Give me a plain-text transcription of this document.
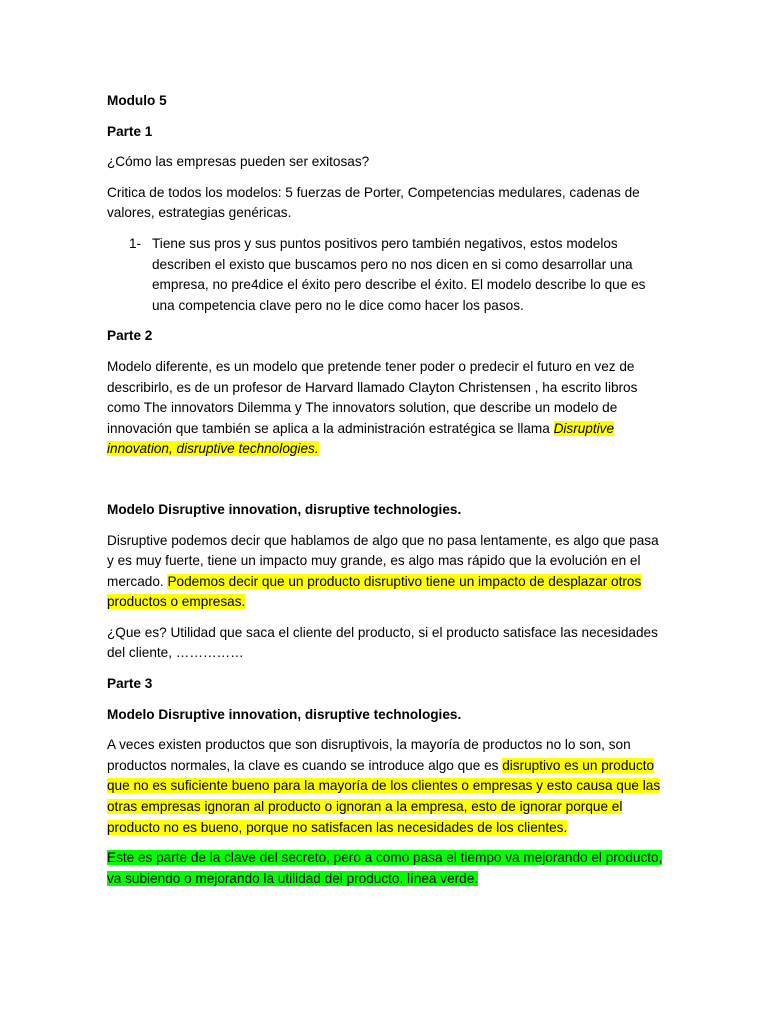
Modulo 5

Parte 1

¿Cómo las empresas pueden ser exitosas?

Critica de todos los modelos: 5 fuerzas de Porter, Competencias medulares, cadenas de valores, estrategias genéricas.

1- Tiene sus pros y sus puntos positivos pero también negativos, estos modelos describen el existo que buscamos pero no nos dicen en si como desarrollar una empresa, no pre4dice el éxito pero describe el éxito. El modelo describe lo que es una competencia clave pero no le dice como hacer los pasos.

Parte 2

Modelo diferente, es un modelo que pretende tener poder o predecir el futuro en vez de describirlo, es de un profesor de Harvard llamado Clayton Christensen , ha escrito libros como The innovators Dilemma y The innovators solution, que describe un modelo de innovación que también se aplica a la administración estratégica se llama Disruptive innovation, disruptive technologies.

Modelo Disruptive innovation, disruptive technologies.

Disruptive podemos decir que hablamos de algo que no pasa lentamente, es algo que pasa y es muy fuerte, tiene un impacto muy grande, es algo mas rápido que la evolución en el mercado. Podemos decir que un producto disruptivo tiene un impacto de desplazar otros productos o empresas.

¿Que es? Utilidad que saca el cliente del producto, si el producto satisface las necesidades del cliente, ……………

Parte 3

Modelo Disruptive innovation, disruptive technologies.

A veces existen productos que son disruptivois, la mayoría de productos no lo son, son productos normales, la clave es cuando se introduce algo que es disruptivo es un producto que no es suficiente bueno para la mayoría de los clientes o empresas y esto causa que las otras empresas ignoran al producto o ignoran a la empresa, esto de ignorar porque el producto no es bueno, porque no satisfacen las necesidades de los clientes.

Este es parte de la clave del secreto, pero a como pasa el tiempo va mejorando el producto, va subiendo o mejorando la utilidad del producto. línea verde.
